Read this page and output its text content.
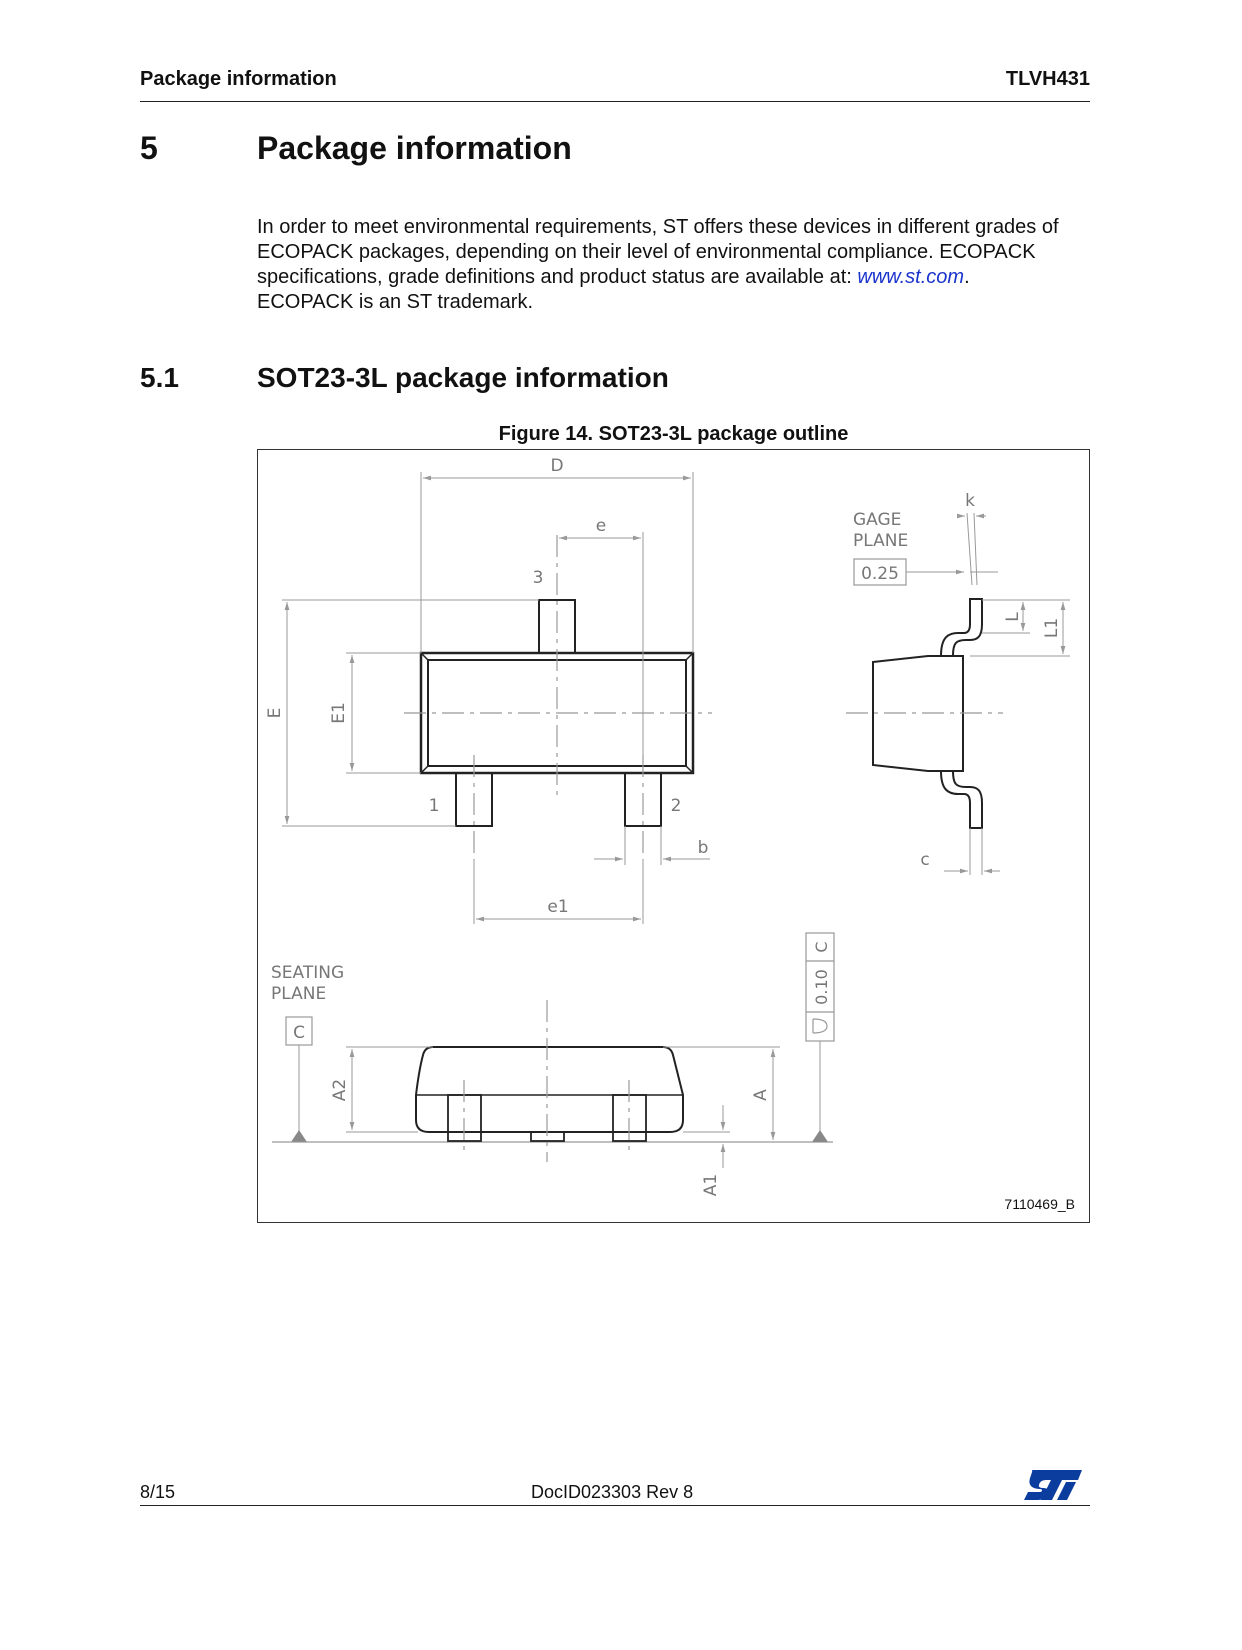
Package information	TLVH431
5	Package information

In order to meet environmental requirements, ST offers these devices in different grades of
ECOPACK packages, depending on their level of environmental compliance. ECOPACK
specifications, grade definitions and product status are available at: www.st.com.
ECOPACK is an ST trademark.

5.1	SOT23-3L package information
Figure 14. SOT23-3L package outline
D
e
3
1	2
E	E1
b
e1
GAGE
PLANE
0.25
k
L
L1
c
SEATING
PLANE
C
A2	A
A1
C
0.10
7110469_B
8/15	DocID023303 Rev 8
